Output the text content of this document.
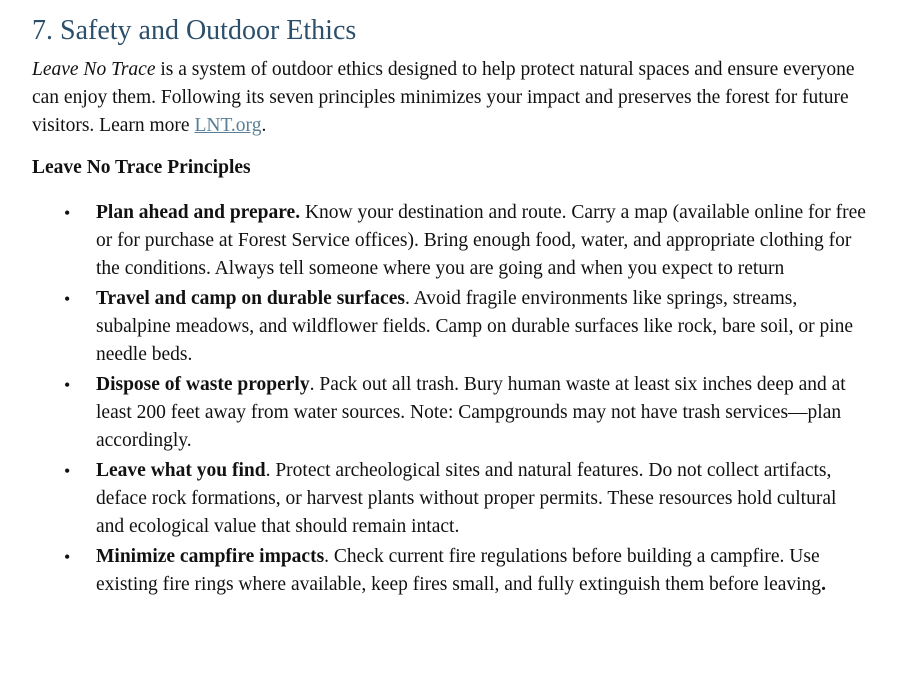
7. Safety and Outdoor Ethics

Leave No Trace is a system of outdoor ethics designed to help protect natural spaces and ensure everyone can enjoy them. Following its seven principles minimizes your impact and preserves the forest for future visitors. Learn more LNT.org.

Leave No Trace Principles
• Plan ahead and prepare. Know your destination and route. Carry a map (available online for free or for purchase at Forest Service offices). Bring enough food, water, and appropriate clothing for the conditions. Always tell someone where you are going and when you expect to return
• Travel and camp on durable surfaces. Avoid fragile environments like springs, streams, subalpine meadows, and wildflower fields. Camp on durable surfaces like rock, bare soil, or pine needle beds.
• Dispose of waste properly. Pack out all trash. Bury human waste at least six inches deep and at least 200 feet away from water sources. Note: Campgrounds may not have trash services—plan accordingly.
• Leave what you find. Protect archeological sites and natural features. Do not collect artifacts, deface rock formations, or harvest plants without proper permits. These resources hold cultural and ecological value that should remain intact.
• Minimize campfire impacts. Check current fire regulations before building a campfire. Use existing fire rings where available, keep fires small, and fully extinguish them before leaving.
